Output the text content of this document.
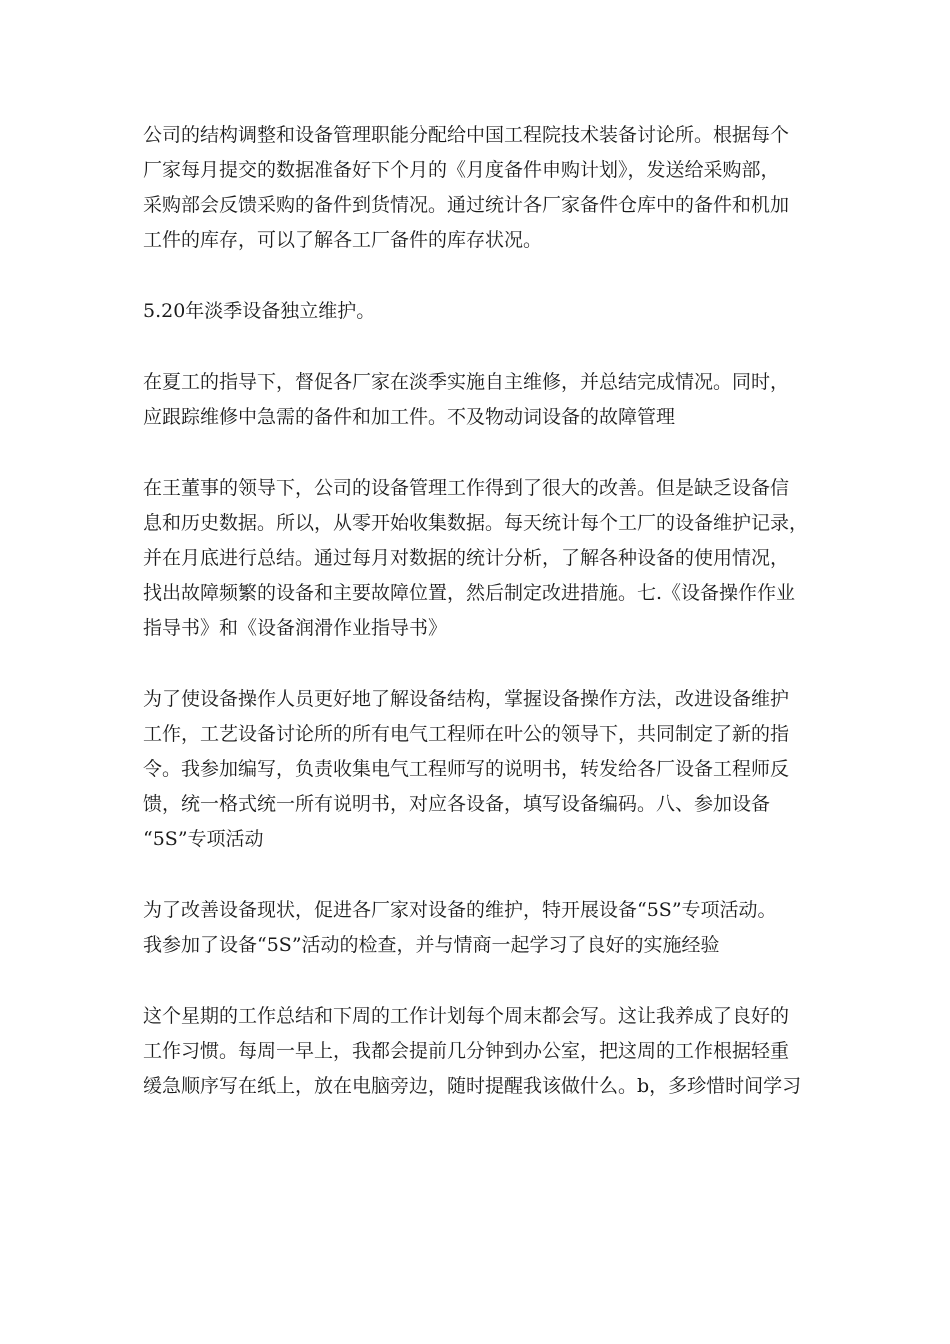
公司的结构调整和设备管理职能分配给中国工程院技术装备讨论所。根据每个
厂家每月提交的数据准备好下个月的《月度备件申购计划》，发送给采购部，
采购部会反馈采购的备件到货情况。通过统计各厂家备件仓库中的备件和机加
工件的库存，可以了解各工厂备件的库存状况。
5.20年淡季设备独立维护。
在夏工的指导下，督促各厂家在淡季实施自主维修，并总结完成情况。同时，
应跟踪维修中急需的备件和加工件。不及物动词设备的故障管理
在王董事的领导下，公司的设备管理工作得到了很大的改善。但是缺乏设备信
息和历史数据。所以，从零开始收集数据。每天统计每个工厂的设备维护记录，
并在月底进行总结。通过每月对数据的统计分析，了解各种设备的使用情况，
找出故障频繁的设备和主要故障位置，然后制定改进措施。七.《设备操作作业
指导书》和《设备润滑作业指导书》
为了使设备操作人员更好地了解设备结构，掌握设备操作方法，改进设备维护
工作，工艺设备讨论所的所有电气工程师在叶公的领导下，共同制定了新的指
令。我参加编写，负责收集电气工程师写的说明书，转发给各厂设备工程师反
馈，统一格式统一所有说明书，对应各设备，填写设备编码。八、参加设备
“5S”专项活动
为了改善设备现状，促进各厂家对设备的维护，特开展设备“5S”专项活动。
我参加了设备“5S”活动的检查，并与情商一起学习了良好的实施经验
这个星期的工作总结和下周的工作计划每个周末都会写。这让我养成了良好的
工作习惯。每周一早上，我都会提前几分钟到办公室，把这周的工作根据轻重
缓急顺序写在纸上，放在电脑旁边，随时提醒我该做什么。b，多珍惜时间学习
